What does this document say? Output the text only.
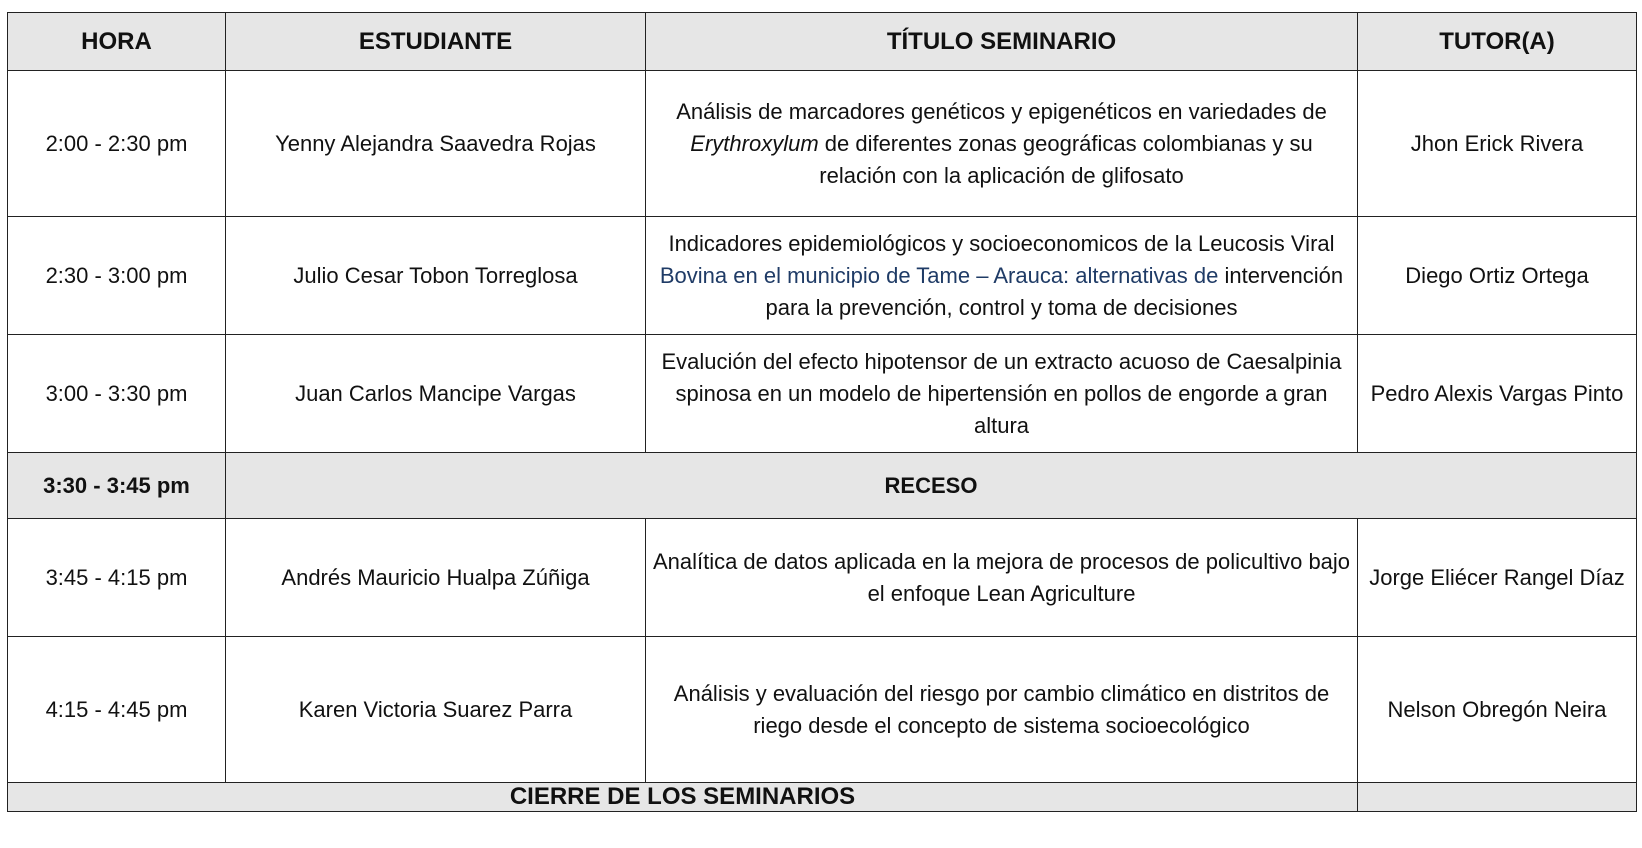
HORA	ESTUDIANTE	TÍTULO SEMINARIO	TUTOR(A)
2:00 - 2:30 pm	Yenny Alejandra Saavedra Rojas	Análisis de marcadores genéticos y epigenéticos en variedades de Erythroxylum de diferentes zonas geográficas colombianas y su relación con la aplicación de glifosato	Jhon Erick Rivera
2:30 - 3:00 pm	Julio Cesar Tobon Torreglosa	Indicadores epidemiológicos y socioeconomicos de la Leucosis Viral Bovina en el municipio de Tame – Arauca: alternativas de intervención para la prevención, control y toma de decisiones	Diego Ortiz Ortega
3:00 - 3:30 pm	Juan Carlos Mancipe Vargas	Evalución del efecto hipotensor de un extracto acuoso de Caesalpinia spinosa en un modelo de hipertensión en pollos de engorde a gran altura	Pedro Alexis Vargas Pinto
3:30 - 3:45 pm	RECESO		
3:45 - 4:15 pm	Andrés Mauricio Hualpa Zúñiga	Analítica de datos aplicada en la mejora de procesos de policultivo bajo el enfoque Lean Agriculture	Jorge Eliécer Rangel Díaz
4:15 - 4:45 pm	Karen Victoria Suarez Parra	Análisis y evaluación del riesgo por cambio climático en distritos de riego desde el concepto de sistema socioecológico	Nelson Obregón Neira
CIERRE DE LOS SEMINARIOS			
